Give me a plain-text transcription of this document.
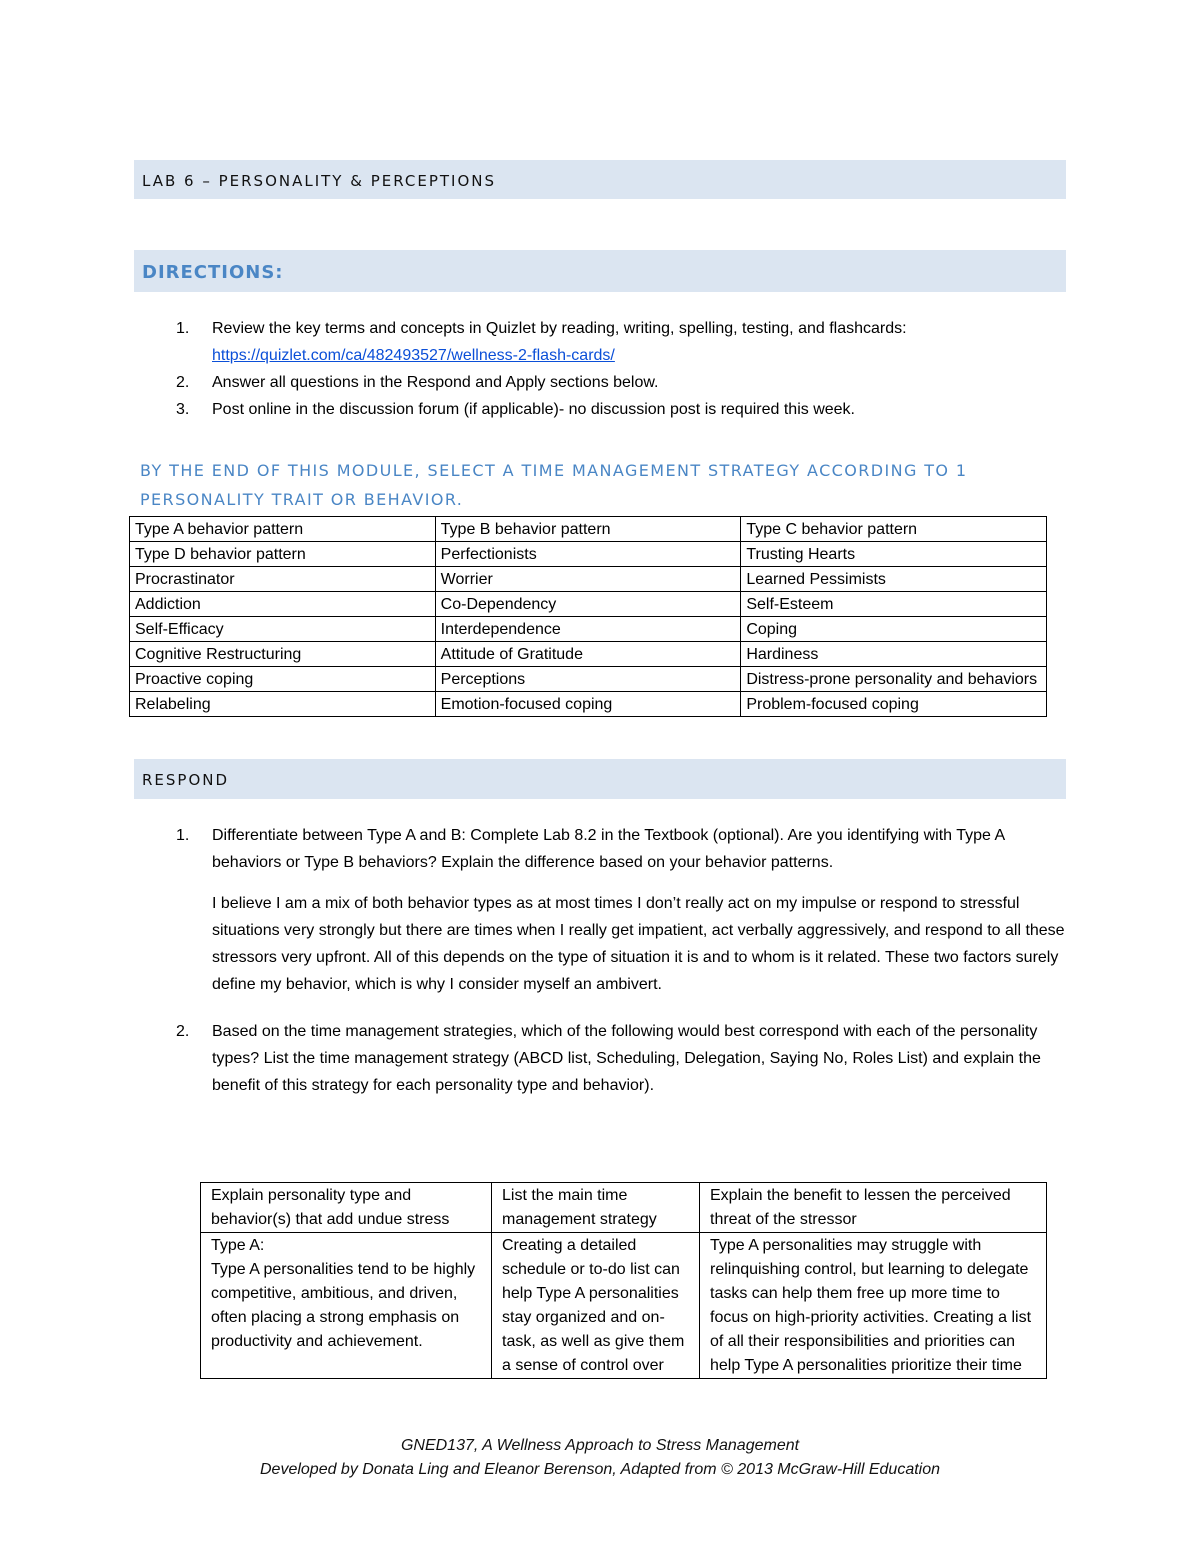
LAB 6 – PERSONALITY & PERCEPTIONS
DIRECTIONS:
1. Review the key terms and concepts in Quizlet by reading, writing, spelling, testing, and flashcards:
https://quizlet.com/ca/482493527/wellness-2-flash-cards/
2. Answer all questions in the Respond and Apply sections below.
3. Post online in the discussion forum (if applicable)- no discussion post is required this week.
BY THE END OF THIS MODULE, SELECT A TIME MANAGEMENT STRATEGY ACCORDING TO 1 PERSONALITY TRAIT OR BEHAVIOR.
Type A behavior pattern	Type B behavior pattern	Type C behavior pattern
Type D behavior pattern	Perfectionists	Trusting Hearts
Procrastinator	Worrier	Learned Pessimists
Addiction	Co-Dependency	Self-Esteem
Self-Efficacy	Interdependence	Coping
Cognitive Restructuring	Attitude of Gratitude	Hardiness
Proactive coping	Perceptions	Distress-prone personality and behaviors
Relabeling	Emotion-focused coping	Problem-focused coping
RESPOND
1. Differentiate between Type A and B: Complete Lab 8.2 in the Textbook (optional). Are you identifying with Type A behaviors or Type B behaviors? Explain the difference based on your behavior patterns.
I believe I am a mix of both behavior types as at most times I don’t really act on my impulse or respond to stressful situations very strongly but there are times when I really get impatient, act verbally aggressively, and respond to all these stressors very upfront. All of this depends on the type of situation it is and to whom is it related. These two factors surely define my behavior, which is why I consider myself an ambivert.
2. Based on the time management strategies, which of the following would best correspond with each of the personality types? List the time management strategy (ABCD list, Scheduling, Delegation, Saying No, Roles List) and explain the benefit of this strategy for each personality type and behavior).
Explain personality type and behavior(s) that add undue stress	List the main time management strategy	Explain the benefit to lessen the perceived threat of the stressor

Type A:
Type A personalities tend to be highly competitive, ambitious, and driven, often placing a strong emphasis on productivity and achievement.	Creating a detailed schedule or to-do list can help Type A personalities stay organized and on-task, as well as give them a sense of control over	Type A personalities may struggle with relinquishing control, but learning to delegate tasks can help them free up more time to focus on high-priority activities. Creating a list of all their responsibilities and priorities can help Type A personalities prioritize their time
GNED137, A Wellness Approach to Stress Management
Developed by Donata Ling and Eleanor Berenson, Adapted from © 2013 McGraw-Hill Education
